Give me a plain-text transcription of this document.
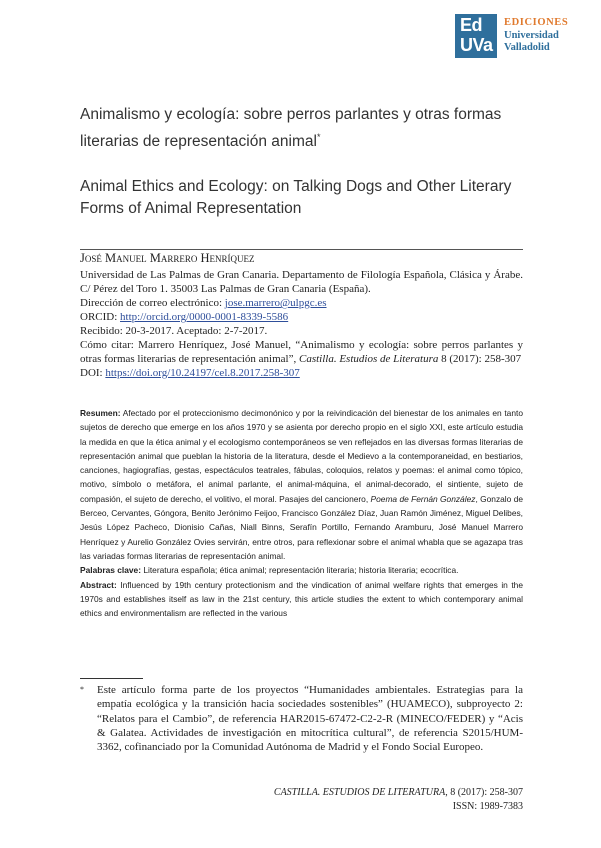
Ed
UVa
EDICIONES
Universidad
Valladolid
Animalismo y ecología: sobre perros parlantes y otras formas literarias de representación animal*
Animal Ethics and Ecology: on Talking Dogs and Other Literary Forms of Animal Representation
José Manuel Marrero Henríquez

Universidad de Las Palmas de Gran Canaria. Departamento de Filología Española, Clásica y Árabe. C/ Pérez del Toro 1. 35003 Las Palmas de Gran Canaria (España).

Dirección de correo electrónico: jose.marrero@ulpgc.es

ORCID: http://orcid.org/0000-0001-8339-5586

Recibido: 20-3-2017. Aceptado: 2-7-2017.

Cómo citar: Marrero Henríquez, José Manuel, “Animalismo y ecología: sobre perros parlantes y otras formas literarias de representación animal”, Castilla. Estudios de Literatura 8 (2017): 258-307

DOI: https://doi.org/10.24197/cel.8.2017.258-307

Resumen: Afectado por el proteccionismo decimonónico y por la reivindicación del bienestar de los animales en tanto sujetos de derecho que emerge en los años 1970 y se asienta por derecho propio en el siglo XXI, este artículo estudia la medida en que la ética animal y el ecologismo contemporáneos se ven reflejados en las diversas formas literarias de representación animal que pueblan la historia de la literatura, desde el Medievo a la contemporaneidad, en bestiarios, canciones, hagiografías, gestas, espectáculos teatrales, fábulas, coloquios, relatos y poemas: el animal como tópico, motivo, símbolo o metáfora, el animal parlante, el animal-máquina, el animal-decorado, el sintiente, sujeto de compasión, el sujeto de derecho, el volitivo, el moral. Pasajes del cancionero, Poema de Fernán González, Gonzalo de Berceo, Cervantes, Góngora, Benito Jerónimo Feijoo, Francisco González Díaz, Juan Ramón Jiménez, Miguel Delibes, Jesús López Pacheco, Dionisio Cañas, Niall Binns, Serafín Portillo, Fernando Aramburu, José Manuel Marrero Henríquez y Aurelio González Ovies servirán, entre otros, para reflexionar sobre el animal whabla que se agazapa tras las variadas formas literarias de representación animal.

Palabras clave: Literatura española; ética animal; representación literaria; historia literaria; ecocrítica.

Abstract: Influenced by 19th century protectionism and the vindication of animal welfare rights that emerges in the 1970s and establishes itself as law in the 21st century, this article studies the extent to which contemporary animal ethics and environmentalism are reflected in the various

* Este artículo forma parte de los proyectos “Humanidades ambientales. Estrategias para la empatía ecológica y la transición hacia sociedades sostenibles” (HUAMECO), subproyecto 2: “Relatos para el Cambio”, de referencia HAR2015-67472-C2-2-R (MINECO/FEDER) y “Acis & Galatea. Actividades de investigación en mitocrítica cultural”, de referencia S2015/HUM-3362, cofinanciado por la Comunidad Autónoma de Madrid y el Fondo Social Europeo.
CASTILLA. ESTUDIOS DE LITERATURA, 8 (2017): 258-307
ISSN: 1989-7383
